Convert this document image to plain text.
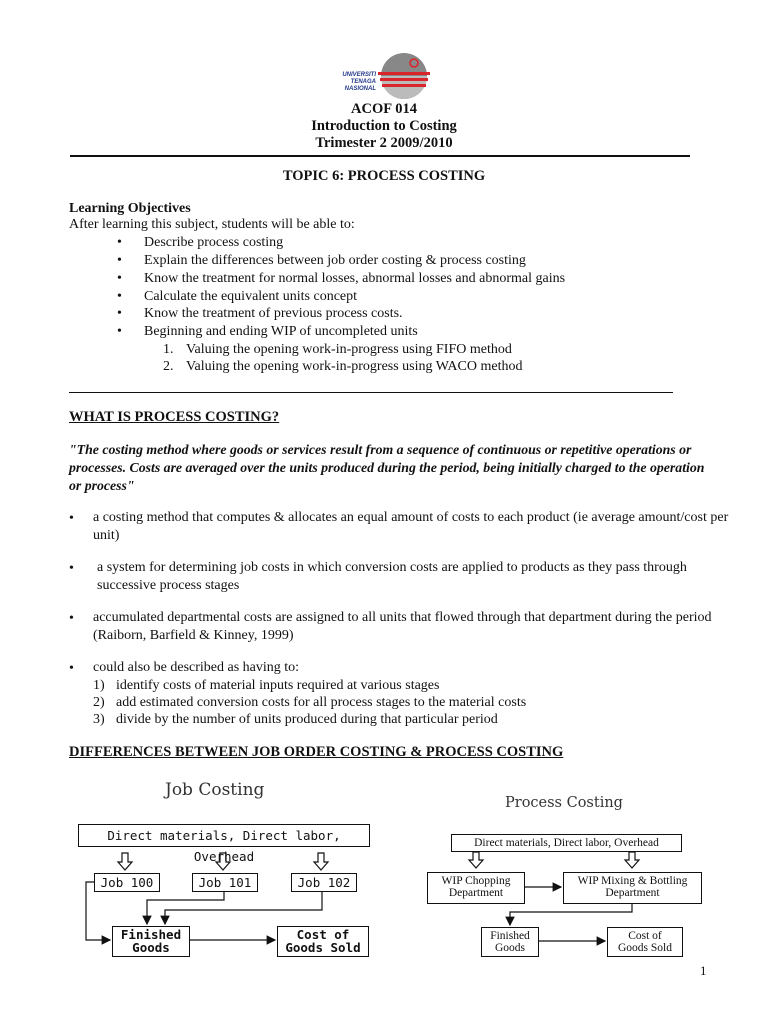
UNIVERSITI
TENAGA
NASIONAL
ACOF 014
Introduction to Costing
Trimester 2 2009/2010
TOPIC 6: PROCESS COSTING
Learning Objectives
After learning this subject, students will be able to:
• Describe process costing
• Explain the differences between job order costing & process costing
• Know the treatment for normal losses, abnormal losses and abnormal gains
• Calculate the equivalent units concept
• Know the treatment of previous process costs.
• Beginning and ending WIP of uncompleted units
1. Valuing the opening work-in-progress using FIFO method
2. Valuing the opening work-in-progress using WACO method
WHAT IS PROCESS COSTING?
"The costing method where goods or services result from a sequence of continuous or repetitive operations or processes. Costs are averaged over the units produced during the period, being initially charged to the operation or process"
• a costing method that computes & allocates an equal amount of costs to each product (ie average amount/cost per unit)
• a system for determining job costs in which conversion costs are applied to products as they pass through successive process stages
• accumulated departmental costs are assigned to all units that flowed through that department during the period (Raiborn, Barfield & Kinney, 1999)
• could also be described as having to:
1) identify costs of material inputs required at various stages
2) add estimated conversion costs for all process stages to the material costs
3) divide by the number of units produced during that particular period
DIFFERENCES BETWEEN JOB ORDER COSTING & PROCESS COSTING
Job Costing
Direct materials, Direct labor, Overhead
Job 100	Job 101	Job 102
Finished
Goods
Cost of
Goods Sold
Process Costing
Direct materials, Direct labor, Overhead
WIP Chopping
Department
WIP Mixing & Bottling
Department
Finished
Goods
Cost of
Goods Sold
1
